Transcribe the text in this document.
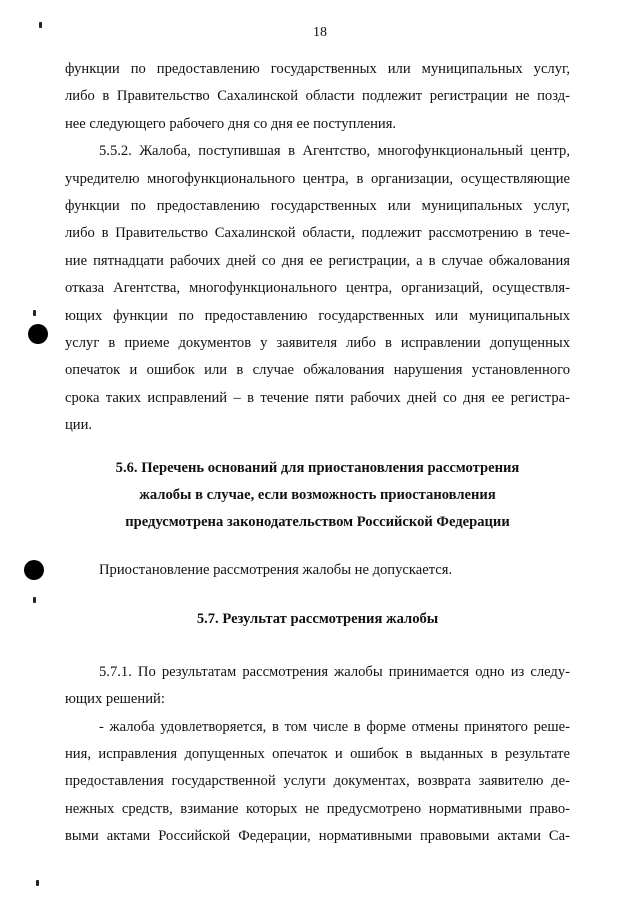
18
функции по предоставлению государственных или муниципальных услуг,
либо в Правительство Сахалинской области подлежит регистрации не позд-
нее следующего рабочего дня со дня ее поступления.
5.5.2. Жалоба, поступившая в Агентство, многофункциональный центр,
учредителю многофункционального центра, в организации, осуществляющие
функции по предоставлению государственных или муниципальных услуг,
либо в Правительство Сахалинской области, подлежит рассмотрению в тече-
ние пятнадцати рабочих дней со дня ее регистрации, а в случае обжалования
отказа Агентства, многофункционального центра, организаций, осуществля-
ющих функции по предоставлению государственных или муниципальных
услуг в приеме документов у заявителя либо в исправлении допущенных
опечаток и ошибок или в случае обжалования нарушения установленного
срока таких исправлений – в течение пяти рабочих дней со дня ее регистра-
ции.
5.6. Перечень оснований для приостановления рассмотрения
жалобы в случае, если возможность приостановления
предусмотрена законодательством Российской Федерации
Приостановление рассмотрения жалобы не допускается.
5.7. Результат рассмотрения жалобы
5.7.1. По результатам рассмотрения жалобы принимается одно из следу-
ющих решений:
- жалоба удовлетворяется, в том числе в форме отмены принятого реше-
ния, исправления допущенных опечаток и ошибок в выданных в результате
предоставления государственной услуги документах, возврата заявителю де-
нежных средств, взимание которых не предусмотрено нормативными право-
выми актами Российской Федерации, нормативными правовыми актами Са-
